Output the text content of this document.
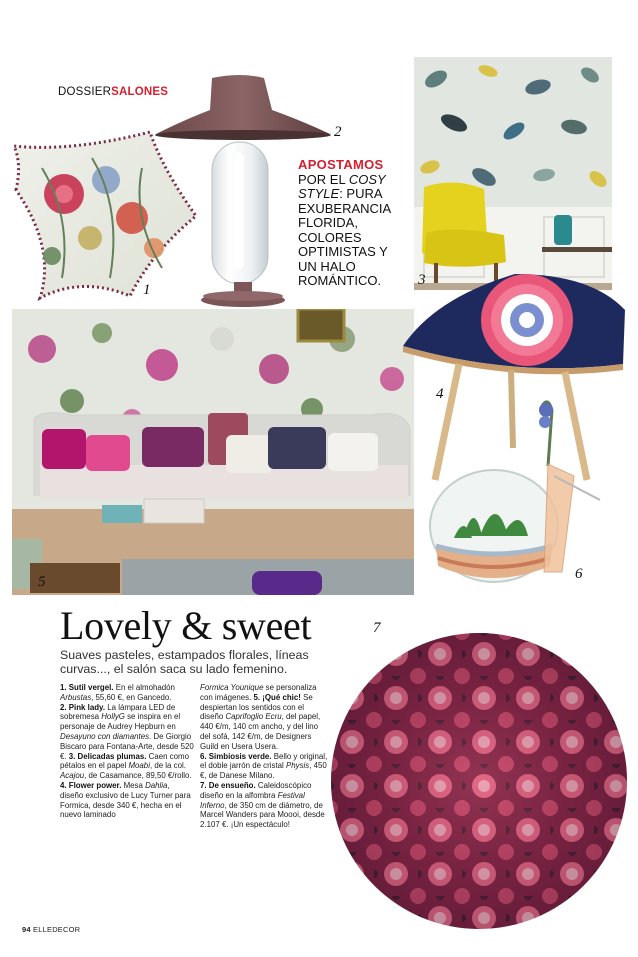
DOSSIERSALONES
APOSTAMOS
POR EL COSY STYLE: PURA EXUBERANCIA FLORIDA, COLORES OPTIMISTAS Y UN HALO ROMÁNTICO.
1
2
3
4
5	6
7
Lovely & sweet

Suaves pasteles, estampados florales, líneas curvas..., el salón saca su lado femenino.

1. Sutil vergel. En el almohadón Arbustas, 55,60 €, en Gancedo.
2. Pink lady. La lámpara LED de sobremesa HollyG se inspira en el personaje de Audrey Hepburn en Desayuno con diamantes. De Giorgio Biscaro para Fontana-Arte, desde 520 €. 3. Delicadas plumas. Caen como pétalos en el papel Moabi, de la col. Acajou, de Casamance, 89,50 €/rollo.
4. Flower power. Mesa Dahlia, diseño exclusivo de Lucy Turner para Formica, desde 340 €, hecha en el nuevo laminado
Formica Younique se personaliza con imágenes. 5. ¡Qué chic! Se despiertan los sentidos con el diseño Caprifoglio Ecru, del papel, 440 €/m, 140 cm ancho, y del lino del sofá, 142 €/m, de Designers Guild en Usera Usera.
6. Simbiosis verde. Bello y original, el doble jarrón de cristal Physis, 450 €, de Danese Milano.
7. De ensueño. Caleidoscópico diseño en la alfombra Festival Inferno, de 350 cm de diámetro, de Marcel Wanders para Moooi, desde 2.107 €. ¡Un espectáculo!
94 ELLEDECOR
